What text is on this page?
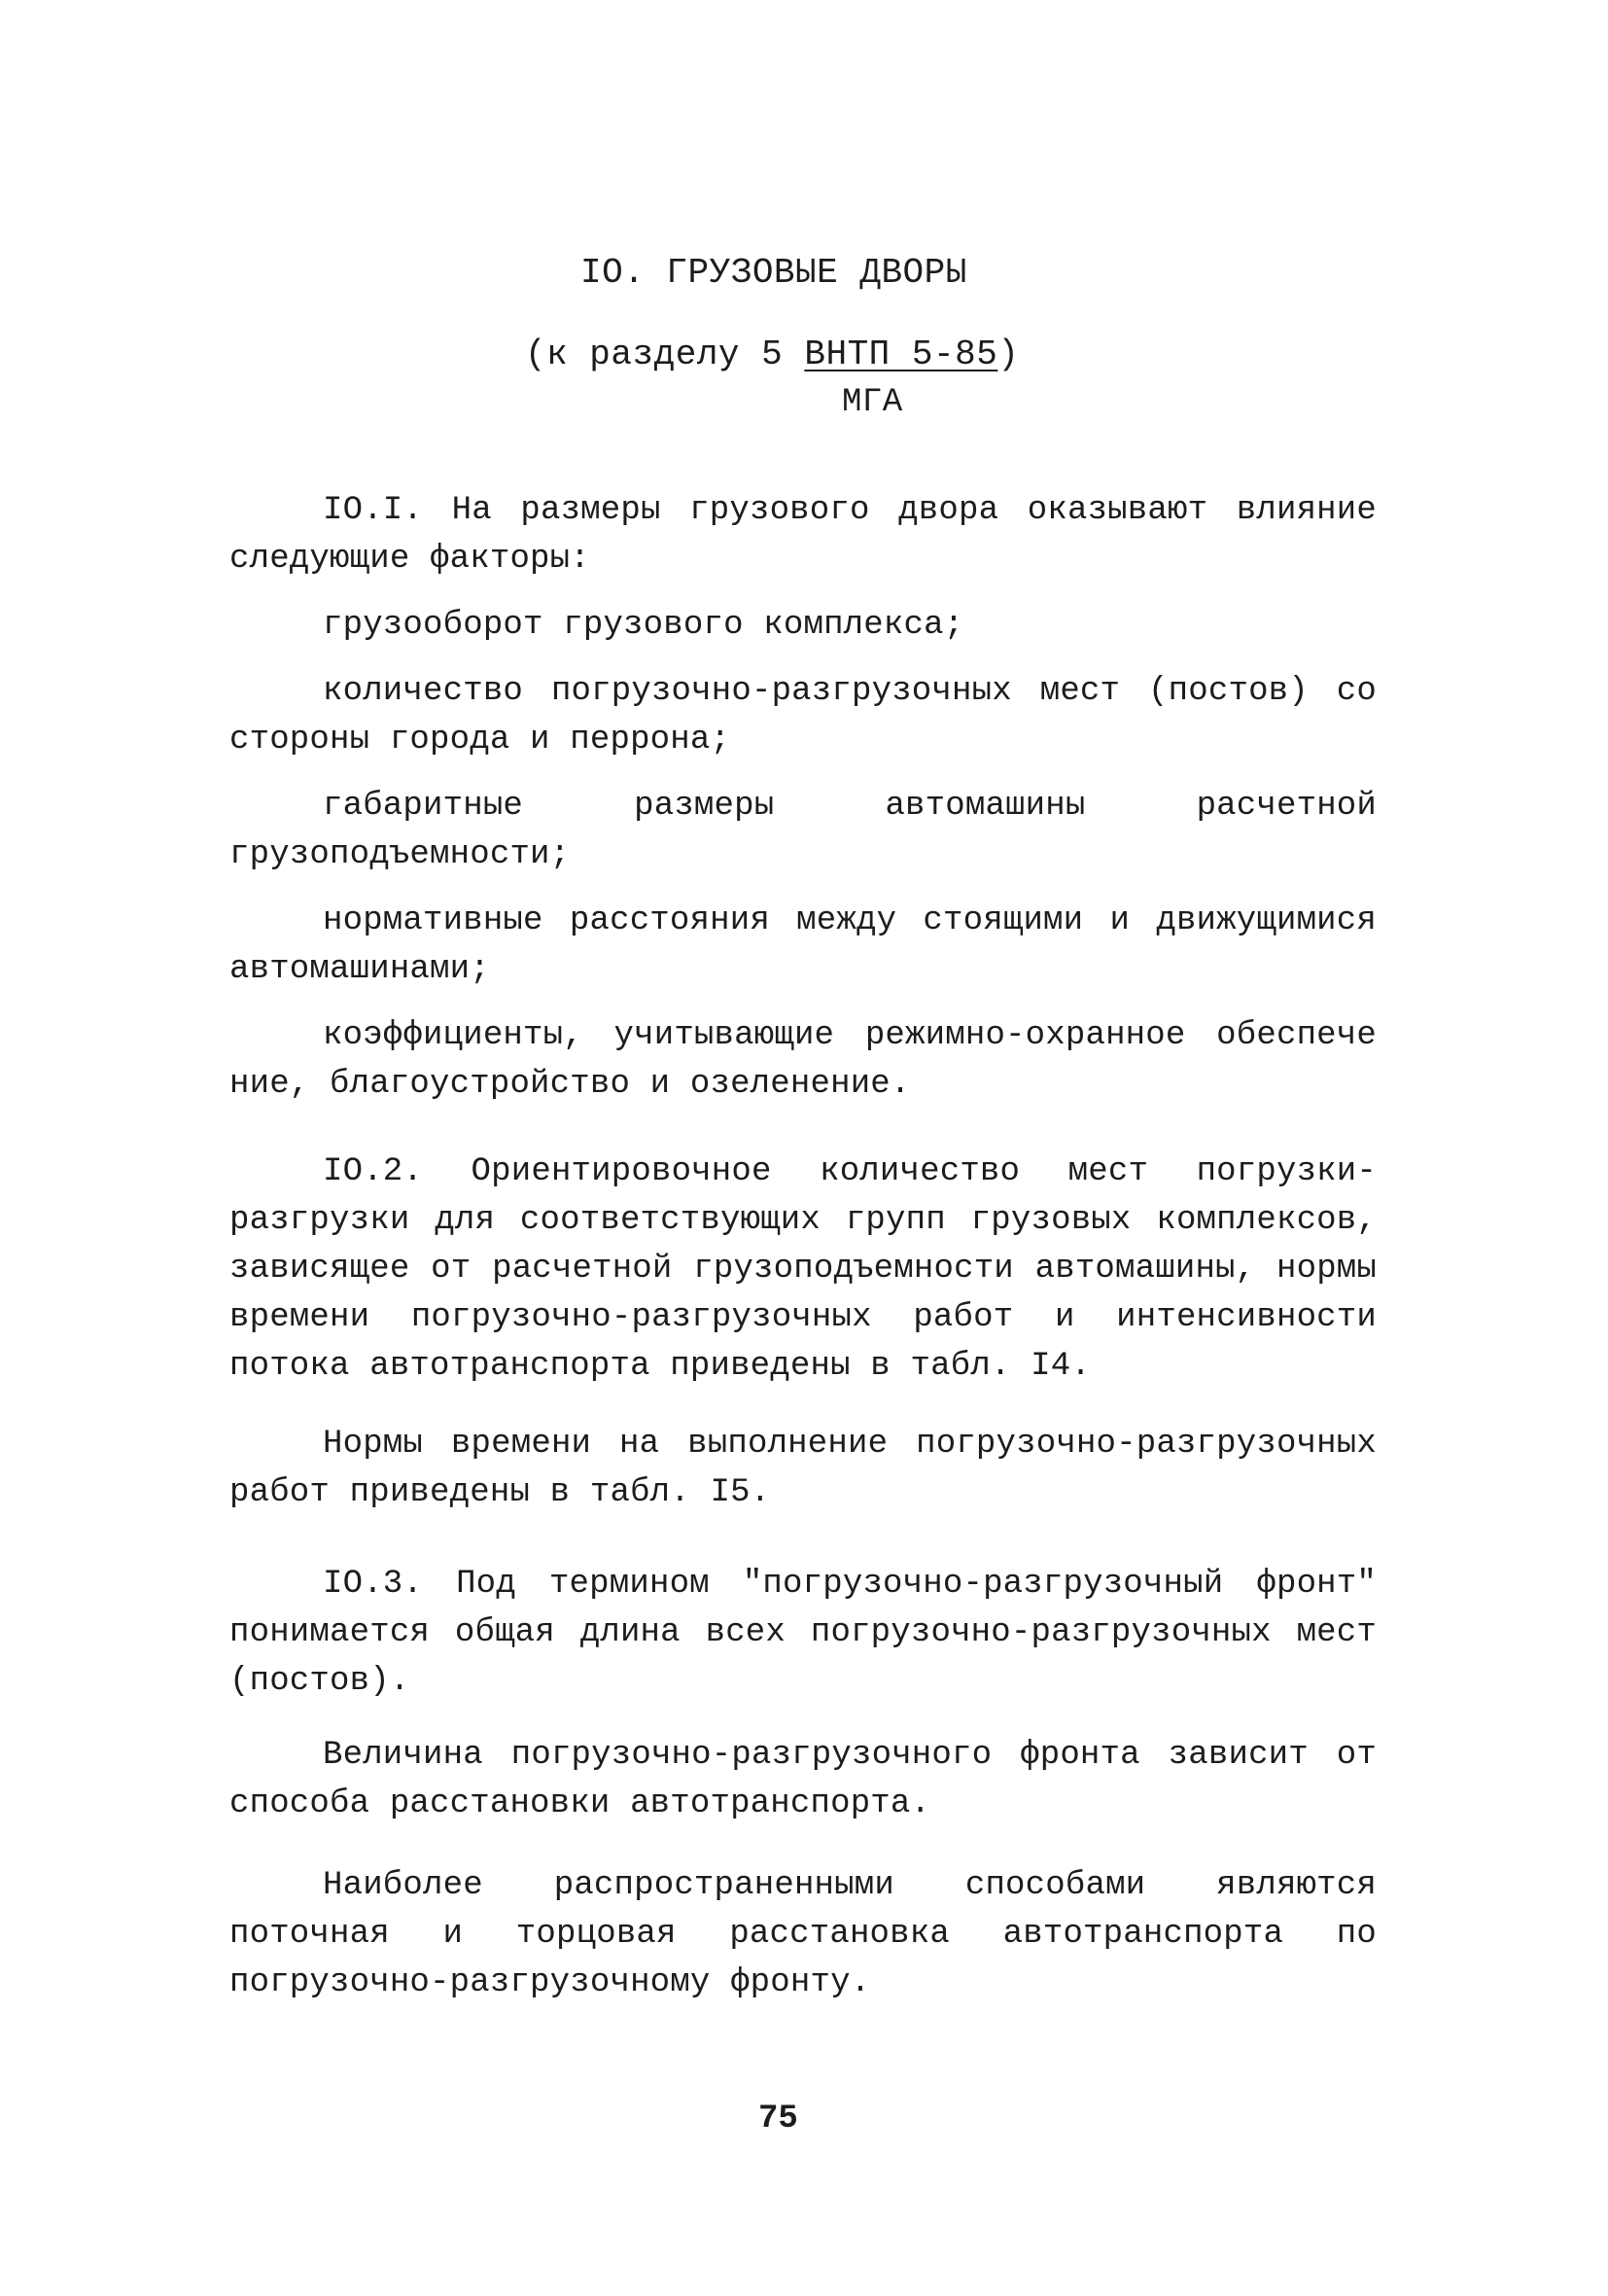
IO. ГРУЗОВЫЕ ДВОРЫ
(к разделу 5 ВНТП 5-85)
МГА

IO.I. На размеры грузового двора оказывают влияние следующие факторы:

грузооборот грузового комплекса;

количество погрузочно-разгрузочных мест (постов) со стороны города и перрона;

габаритные размеры автомашины расчетной грузоподъемности;

нормативные расстояния между стоящими и движущимися автомашинами;

коэффициенты, учитывающие режимно-охранное обеспече ние, благоустройство и озеленение.

IO.2. Ориентировочное количество мест погрузки-разгрузки для соответствующих групп грузовых комплексов, зависящее от расчетной грузоподъемности автомашины, нормы времени погрузочно-разгрузочных работ и интенсивности потока автотранспорта приведены в табл. I4.

Нормы времени на выполнение погрузочно-разгрузочных работ приведены в табл. I5.

IO.3. Под термином "погрузочно-разгрузочный фронт" понимается общая длина всех погрузочно-разгрузочных мест (постов).

Величина погрузочно-разгрузочного фронта зависит от способа расстановки автотранспорта.

Наиболее распространенными способами являются поточная и торцовая расстановка автотранспорта по погрузочно-разгрузочному фронту.

75
